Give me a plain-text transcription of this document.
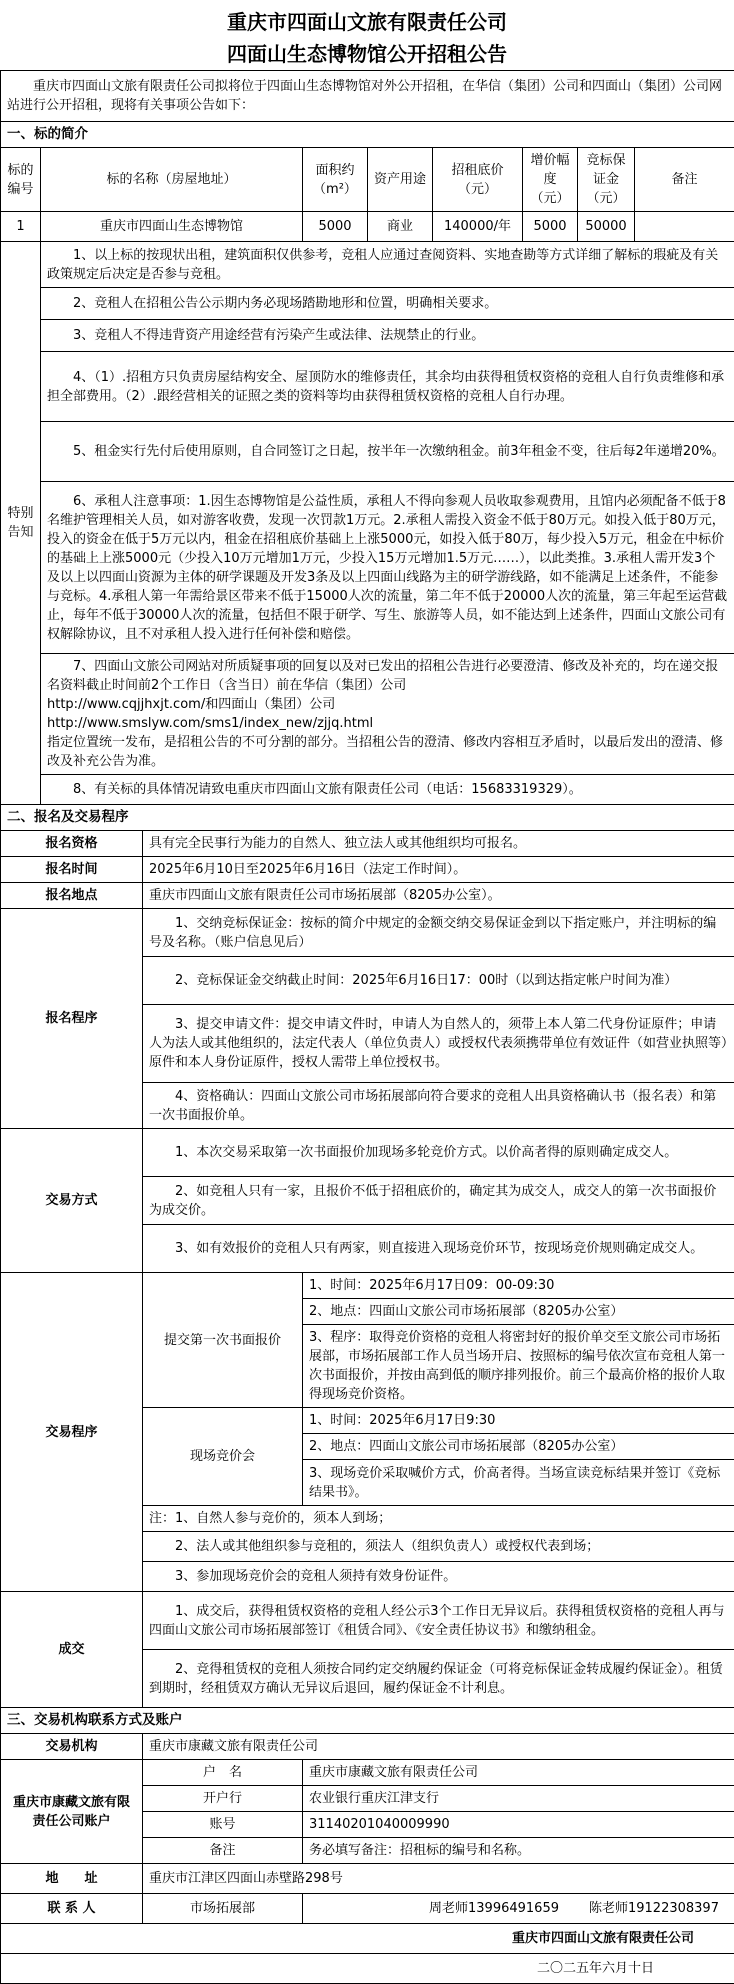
重庆市四面山文旅有限责任公司
四面山生态博物馆公开招租公告
重庆市四面山文旅有限责任公司拟将位于四面山生态博物馆对外公开招租，在华信（集团）公司和四面山（集团）公司网站进行公开招租，现将有关事项公告如下：								
一、标的简介								
标的编号	标的名称（房屋地址）		面积约（m²）	资产用途	招租底价（元）	增价幅度（元）	竞标保证金（元）	备注
1	重庆市四面山生态博物馆		5000	商业	140000/年	5000	50000	
特别告知	1、以上标的按现状出租，建筑面积仅供参考，竞租人应通过查阅资料、实地查勘等方式详细了解标的瑕疵及有关政策规定后决定是否参与竞租。							
	2、竞租人在招租公告公示期内务必现场踏勘地形和位置，明确相关要求。							
	3、竞租人不得违背资产用途经营有污染产生或法律、法规禁止的行业。							
	4、（1）.招租方只负责房屋结构安全、屋顶防水的维修责任，其余均由获得租赁权资格的竞租人自行负责维修和承担全部费用。（2）.跟经营相关的证照之类的资料等均由获得租赁权资格的竞租人自行办理。							
	5、租金实行先付后使用原则，自合同签订之日起，按半年一次缴纳租金。前3年租金不变，往后每2年递增20%。							
	6、承租人注意事项：1.因生态博物馆是公益性质，承租人不得向参观人员收取参观费用，且馆内必须配备不低于8名维护管理相关人员，如对游客收费，发现一次罚款1万元。2.承租人需投入资金不低于80万元。如投入低于80万元，投入的资金在低于5万元以内，租金在招租底价基础上上涨5000元，如投入低于80万，每少投入5万元，租金在中标价的基础上上涨5000元（少投入10万元增加1万元，少投入15万元增加1.5万元……），以此类推。3.承租人需开发3个及以上以四面山资源为主体的研学课题及开发3条及以上四面山线路为主的研学游线路，如不能满足上述条件，不能参与竞标。4.承租人第一年需给景区带来不低于15000人次的流量，第二年不低于20000人次的流量，第三年起至运营截止，每年不低于30000人次的流量，包括但不限于研学、写生、旅游等人员，如不能达到上述条件，四面山文旅公司有权解除协议，且不对承租人投入进行任何补偿和赔偿。							

	7、四面山文旅公司网站对所质疑事项的回复以及对已发出的招租公告进行必要澄清、修改及补充的，均在递交报名资料截止时间前2个工作日（含当日）前在华信（集团）公司
http://www.cqjjhxjt.com/和四面山（集团）公司
http://www.smslyw.com/sms1/index_new/zjjq.html
指定位置统一发布，是招租公告的不可分割的部分。当招租公告的澄清、修改内容相互矛盾时，以最后发出的澄清、修改及补充公告为准。							

	8、有关标的具体情况请致电重庆市四面山文旅有限责任公司（电话：15683319329）。							
二、报名及交易程序								
报名资格		具有完全民事行为能力的自然人、独立法人或其他组织均可报名。						
报名时间		2025年6月10日至2025年6月16日（法定工作时间）。						
报名地点		重庆市四面山文旅有限责任公司市场拓展部（8205办公室）。						
报名程序		1、交纳竞标保证金：按标的简介中规定的金额交纳交易保证金到以下指定账户，并注明标的编号及名称。（账户信息见后）						
		2、竞标保证金交纳截止时间：2025年6月16日17：00时（以到达指定帐户时间为准）						
		3、提交申请文件：提交申请文件时，申请人为自然人的，须带上本人第二代身份证原件；申请人为法人或其他组织的，法定代表人（单位负责人）或授权代表须携带单位有效证件（如营业执照等）原件和本人身份证原件，授权人需带上单位授权书。						
		4、资格确认：四面山文旅公司市场拓展部向符合要求的竞租人出具资格确认书（报名表）和第一次书面报价单。						
交易方式		1、本次交易采取第一次书面报价加现场多轮竞价方式。以价高者得的原则确定成交人。						
		2、如竞租人只有一家，且报价不低于招租底价的，确定其为成交人，成交人的第一次书面报价为成交价。						
		3、如有效报价的竞租人只有两家，则直接进入现场竞价环节，按现场竞价规则确定成交人。						
交易程序		提交第一次书面报价	1、时间：2025年6月17日09：00-09:30					
			2、地点：四面山文旅公司市场拓展部（8205办公室）					
			3、程序：取得竞价资格的竞租人将密封好的报价单交至文旅公司市场拓展部，市场拓展部工作人员当场开启、按照标的编号依次宣布竞租人第一次书面报价，并按由高到低的顺序排列报价。前三个最高价格的报价人取得现场竞价资格。					
		现场竞价会	1、时间：2025年6月17日9:30					
			2、地点：四面山文旅公司市场拓展部（8205办公室）					
			3、现场竞价采取喊价方式，价高者得。当场宣读竞标结果并签订《竞标结果书》。					
		注：1、自然人参与竞价的，须本人到场；						
		2、法人或其他组织参与竞租的，须法人（组织负责人）或授权代表到场；						
		3、参加现场竞价会的竞租人须持有效身份证件。						
成交		1、成交后，获得租赁权资格的竞租人经公示3个工作日无异议后。获得租赁权资格的竞租人再与四面山文旅公司市场拓展部签订《租赁合同》、《安全责任协议书》和缴纳租金。						
		2、竞得租赁权的竞租人须按合同约定交纳履约保证金（可将竞标保证金转成履约保证金）。租赁到期时，经租赁双方确认无异议后退回，履约保证金不计利息。						
三、交易机构联系方式及账户								
交易机构		重庆市康藏文旅有限责任公司						
重庆市康藏文旅有限责任公司账户		户　名	重庆市康藏文旅有限责任公司					
		开户行	农业银行重庆江津支行					
		账号	31140201040009990					
		备注	务必填写备注：招租标的编号和名称。					
地　　址		重庆市江津区四面山赤壁路298号						
联 系 人		市场拓展部	周老师13996491659 陈老师19122308397					
重庆市四面山文旅有限责任公司								
二〇二五年六月十日								
